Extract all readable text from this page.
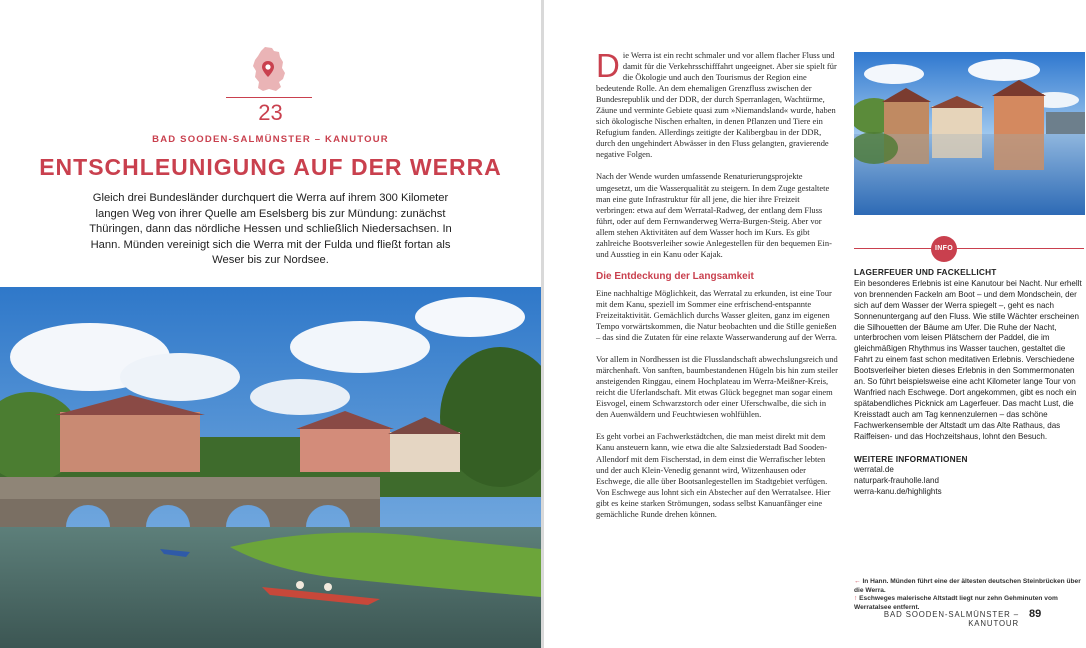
23
BAD SOODEN-SALMÜNSTER – KANUTOUR
ENTSCHLEUNIGUNG AUF DER WERRA
Gleich drei Bundesländer durchquert die Werra auf ihrem 300 Kilometer langen Weg von ihrer Quelle am Eselsberg bis zur Mündung: zunächst Thüringen, dann das nördliche Hessen und schließlich Niedersachsen. In Hann. Münden vereinigt sich die Werra mit der Fulda und fließt fortan als Weser bis zur Nordsee.

Die Werra ist ein recht schmaler und vor allem flacher Fluss und damit für die Verkehrsschifffahrt ungeeignet. Aber sie spielt für die Ökologie und auch den Tourismus der Region eine bedeutende Rolle. An dem ehemaligen Grenzfluss zwischen der Bundesrepublik und der DDR, der durch Sperranlagen, Wachtürme, Zäune und verminte Gebiete quasi zum »Niemandsland« wurde, haben sich ökologische Nischen erhalten, in denen Pflanzen und Tiere ein Refugium fanden. Allerdings zeitigte der Kalibergbau in der DDR, durch den ungehindert Abwässer in den Fluss gelangten, gravierende negative Folgen.

Nach der Wende wurden umfassende Renaturierungsprojekte umgesetzt, um die Wasserqualität zu steigern. In dem Zuge gestaltete man eine gute Infrastruktur für all jene, die hier ihre Freizeit verbringen: etwa auf dem Werratal-Radweg, der entlang dem Fluss führt, oder auf dem Fernwanderweg Werra-Burgen-Steig. Aber vor allem stehen Aktivitäten auf dem Wasser hoch im Kurs. Es gibt zahlreiche Bootsverleiher sowie Anlegestellen für den bequemen Ein- und Ausstieg in ein Kanu oder Kajak.

Die Entdeckung der Langsamkeit

Eine nachhaltige Möglichkeit, das Werratal zu erkunden, ist eine Tour mit dem Kanu, speziell im Sommer eine erfrischend-entspannte Freizeitaktivität. Gemächlich durchs Wasser gleiten, ganz im eigenen Tempo vorwärtskommen, die Natur beobachten und die Stille genießen – das sind die Zutaten für eine relaxte Wasserwanderung auf der Werra.

Vor allem in Nordhessen ist die Flusslandschaft abwechslungsreich und märchenhaft. Von sanften, baumbestandenen Hügeln bis hin zum steiler ansteigenden Ringgau, einem Hochplateau im Werra-Meißner-Kreis, reicht die Uferlandschaft. Mit etwas Glück begegnet man sogar einem Eisvogel, einem Schwarzstorch oder einer Uferschwalbe, die sich in den Auenwäldern und Feuchtwiesen wohlfühlen.

Es geht vorbei an Fachwerkstädtchen, die man meist direkt mit dem Kanu ansteuern kann, wie etwa die alte Salzsiederstadt Bad Sooden-Allendorf mit dem Fischerstad, in dem einst die Werrafischer lebten und der auch Klein-Venedig genannt wird, Witzenhausen oder Eschwege, die alle über Bootsanlegestellen im Stadtgebiet verfügen. Von Eschwege aus lohnt sich ein Abstecher auf den Werratalsee. Hier gibt es keine starken Strömungen, sodass selbst Kanuanfänger eine gemächliche Runde drehen können.

INFO
LAGERFEUER UND FACKELLICHT
Ein besonderes Erlebnis ist eine Kanutour bei Nacht. Nur erhellt von brennenden Fackeln am Boot – und dem Mondschein, der sich auf dem Wasser der Werra spiegelt –, geht es nach Sonnenuntergang auf den Fluss. Wie stille Wächter erscheinen die Silhouetten der Bäume am Ufer. Die Ruhe der Nacht, unterbrochen vom leisen Plätschern der Paddel, die im gleichmäßigen Rhythmus ins Wasser tauchen, gestaltet die Fahrt zu einem fast schon meditativen Erlebnis. Verschiedene Bootsverleiher bieten dieses Erlebnis in den Sommermonaten an. So führt beispielsweise eine acht Kilometer lange Tour von Wanfried nach Eschwege. Dort angekommen, gibt es noch ein spätabendliches Picknick am Lagerfeuer. Das macht Lust, die Kreisstadt auch am Tag kennenzulernen – das schöne Fachwerkensemble der Altstadt um das Alte Rathaus, das Raiffeisen- und das Hochzeitshaus, lohnt den Besuch.
WEITERE INFORMATIONEN
werratal.de
naturpark-frauholle.land
werra-kanu.de/highlights
← In Hann. Münden führt eine der ältesten deutschen Steinbrücken über die Werra.
↑ Eschweges malerische Altstadt liegt nur zehn Gehminuten vom Werratalsee entfernt.
BAD SOODEN-SALMÜNSTER – KANUTOUR
89
